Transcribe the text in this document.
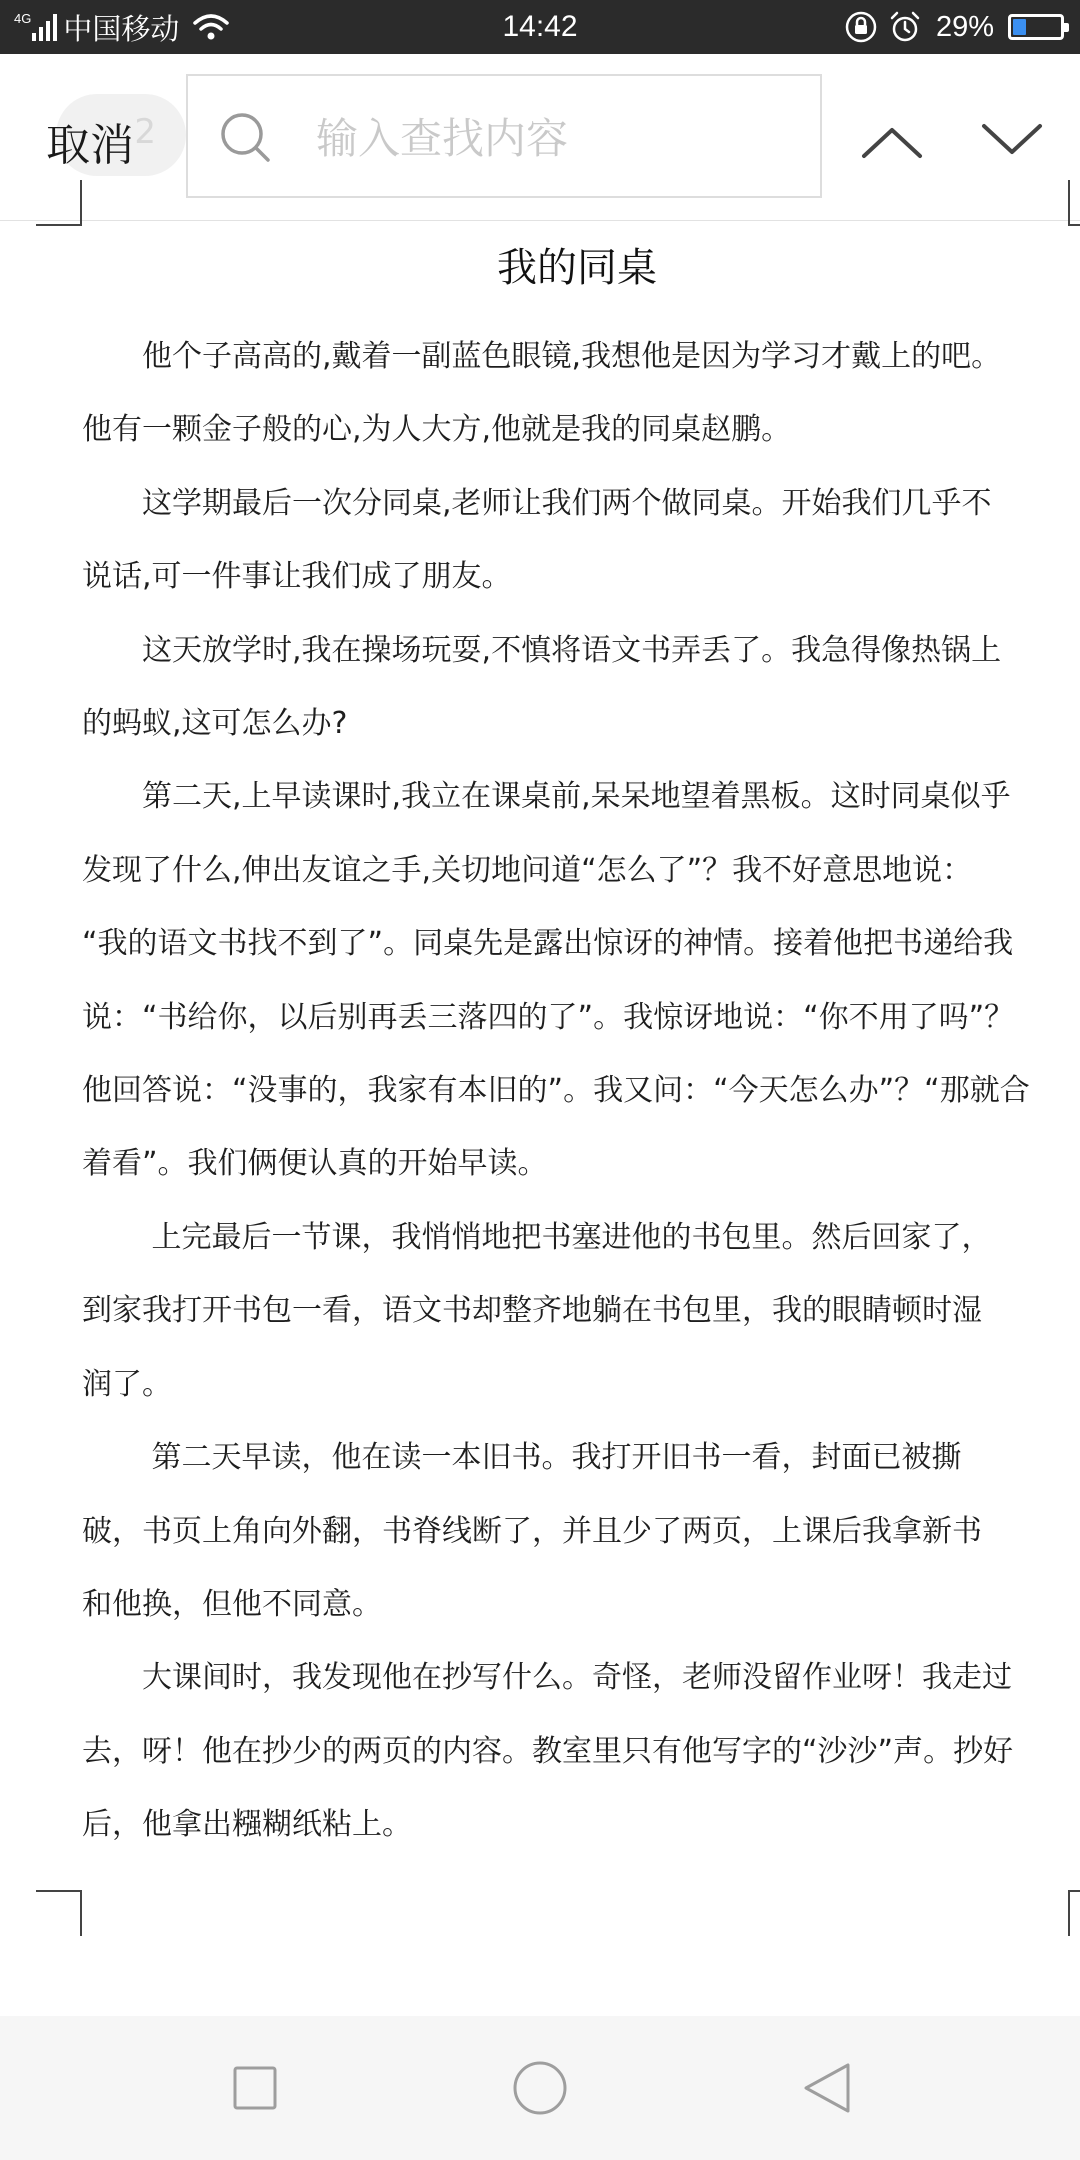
4G 中国移动	14:42	29%
2
取消
输入查找内容
我的同桌

　　他个子高高的,戴着一副蓝色眼镜,我想他是因为学习才戴上的吧。

他有一颗金子般的心,为人大方,他就是我的同桌赵鹏。

　　这学期最后一次分同桌,老师让我们两个做同桌。开始我们几乎不

说话,可一件事让我们成了朋友。

　　这天放学时,我在操场玩耍,不慎将语文书弄丢了。我急得像热锅上

的蚂蚁,这可怎么办?

　　第二天,上早读课时,我立在课桌前,呆呆地望着黑板。这时同桌似乎

发现了什么,伸出友谊之手,关切地问道“怎么了”？我不好意思地说：

“我的语文书找不到了”。同桌先是露出惊讶的神情。接着他把书递给我

说：“书给你，以后别再丢三落四的了”。我惊讶地说：“你不用了吗”？

他回答说：“没事的，我家有本旧的”。我又问：“今天怎么办”？“那就合

着看”。我们俩便认真的开始早读。

　　 上完最后一节课，我悄悄地把书塞进他的书包里。然后回家了，

到家我打开书包一看，语文书却整齐地躺在书包里，我的眼睛顿时湿

润了。

　　 第二天早读，他在读一本旧书。我打开旧书一看，封面已被撕

破，书页上角向外翻，书脊线断了，并且少了两页，上课后我拿新书

和他换，但他不同意。

　　大课间时，我发现他在抄写什么。奇怪，老师没留作业呀！我走过

去，呀！他在抄少的两页的内容。教室里只有他写字的“沙沙”声。抄好

后，他拿出糨糊纸粘上。
